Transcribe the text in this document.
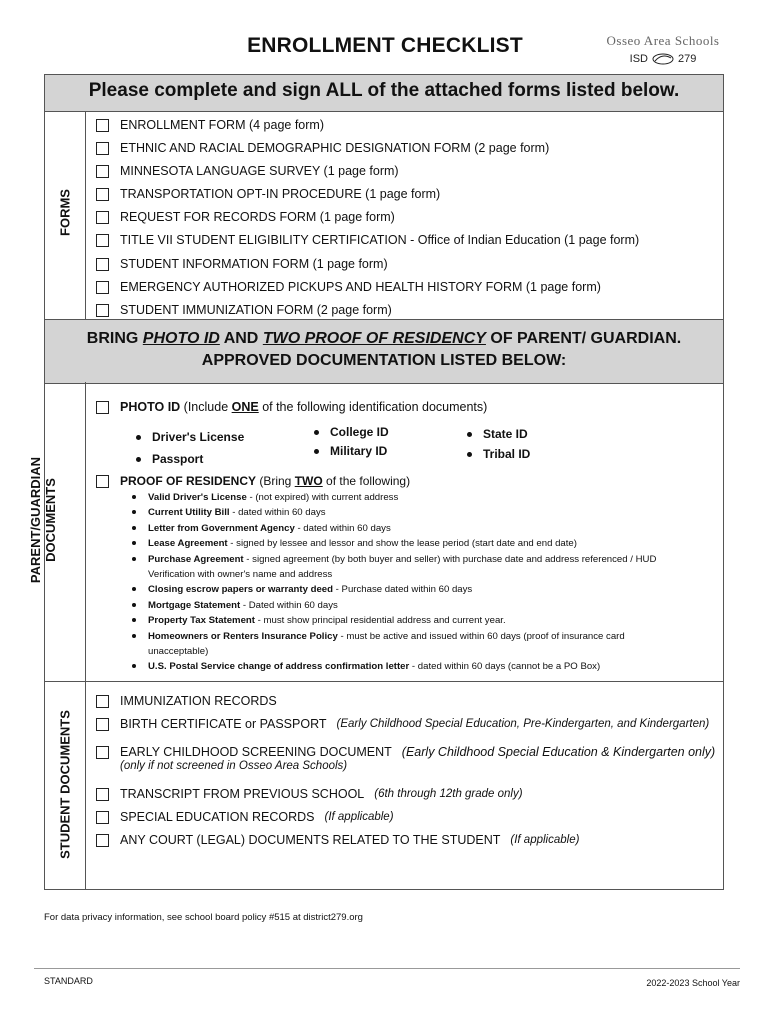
ENROLLMENT CHECKLIST	Osseo Area Schools
ISD	279
Please complete and sign ALL of the attached forms listed below.
BRING PHOTO ID AND TWO PROOF OF RESIDENCY OF PARENT/ GUARDIAN.
APPROVED DOCUMENTATION LISTED BELOW:
FORMS
PARENT/GUARDIAN DOCUMENTS
STUDENT DOCUMENTS
ENROLLMENT FORM (4 page form)
ETHNIC AND RACIAL DEMOGRAPHIC DESIGNATION FORM (2 page form)
MINNESOTA LANGUAGE SURVEY (1 page form)
TRANSPORTATION OPT-IN PROCEDURE (1 page form)
REQUEST FOR RECORDS FORM (1 page form)
TITLE VII STUDENT ELIGIBILITY CERTIFICATION - Office of Indian Education (1 page form)
STUDENT INFORMATION FORM (1 page form)
EMERGENCY AUTHORIZED PICKUPS AND HEALTH HISTORY FORM (1 page form)
STUDENT IMMUNIZATION FORM (2 page form)
PHOTO ID (Include ONE of the following identification documents)
Driver's License
Passport
College ID
Military ID
State ID
Tribal ID
PROOF OF RESIDENCY (Bring TWO of the following)
Valid Driver's License - (not expired) with current address
Current Utility Bill - dated within 60 days
Letter from Government Agency - dated within 60 days
Lease Agreement - signed by lessee and lessor and show the lease period (start date and end date)
Purchase Agreement - signed agreement (by both buyer and seller) with purchase date and address referenced / HUD
Verification with owner's name and address
Closing escrow papers or warranty deed - Purchase dated within 60 days
Mortgage Statement - Dated within 60 days
Property Tax Statement - must show principal residential address and current year.
Homeowners or Renters Insurance Policy - must be active and issued within 60 days (proof of insurance card
unacceptable)
U.S. Postal Service change of address confirmation letter - dated within 60 days (cannot be a PO Box)
IMMUNIZATION RECORDS
BIRTH CERTIFICATE or PASSPORT (Early Childhood Special Education, Pre-Kindergarten, and Kindergarten)
EARLY CHILDHOOD SCREENING DOCUMENT (Early Childhood Special Education & Kindergarten only)
(only if not screened in Osseo Area Schools)
TRANSCRIPT FROM PREVIOUS SCHOOL (6th through 12th grade only)
SPECIAL EDUCATION RECORDS (If applicable)
ANY COURT (LEGAL) DOCUMENTS RELATED TO THE STUDENT (If applicable)
For data privacy information, see school board policy #515 at district279.org
STANDARD	2022-2023 School Year
